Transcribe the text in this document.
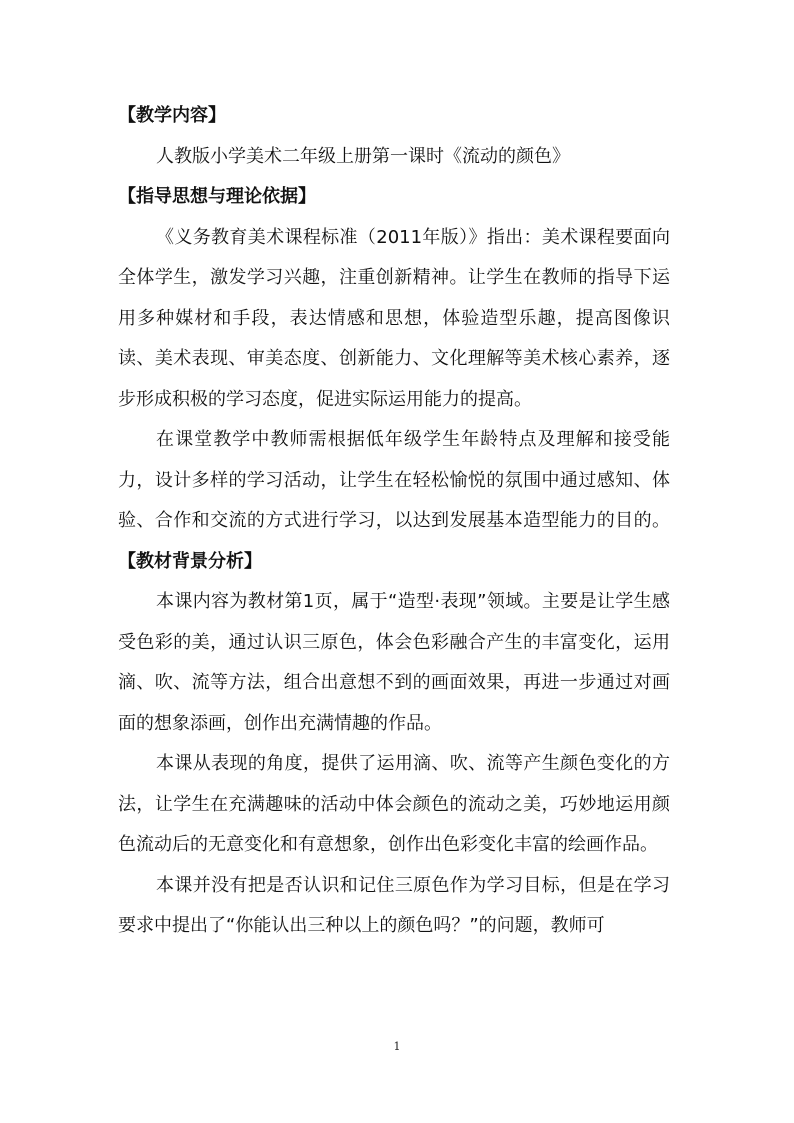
【教学内容】

人教版小学美术二年级上册第一课时《流动的颜色》

【指导思想与理论依据】

《义务教育美术课程标准（2011年版）》指出：美术课程要面向全体学生，激发学习兴趣，注重创新精神。让学生在教师的指导下运用多种媒材和手段，表达情感和思想，体验造型乐趣，提高图像识读、美术表现、审美态度、创新能力、文化理解等美术核心素养，逐步形成积极的学习态度，促进实际运用能力的提高。

在课堂教学中教师需根据低年级学生年龄特点及理解和接受能力，设计多样的学习活动，让学生在轻松愉悦的氛围中通过感知、体验、合作和交流的方式进行学习，以达到发展基本造型能力的目的。【教材背景分析】

本课内容为教材第1页，属于“造型·表现”领域。主要是让学生感受色彩的美，通过认识三原色，体会色彩融合产生的丰富变化，运用滴、吹、流等方法，组合出意想不到的画面效果，再进一步通过对画面的想象添画，创作出充满情趣的作品。

本课从表现的角度，提供了运用滴、吹、流等产生颜色变化的方法，让学生在充满趣味的活动中体会颜色的流动之美，巧妙地运用颜色流动后的无意变化和有意想象，创作出色彩变化丰富的绘画作品。

本课并没有把是否认识和记住三原色作为学习目标，但是在学习要求中提出了“你能认出三种以上的颜色吗？”的问题，教师可

1
